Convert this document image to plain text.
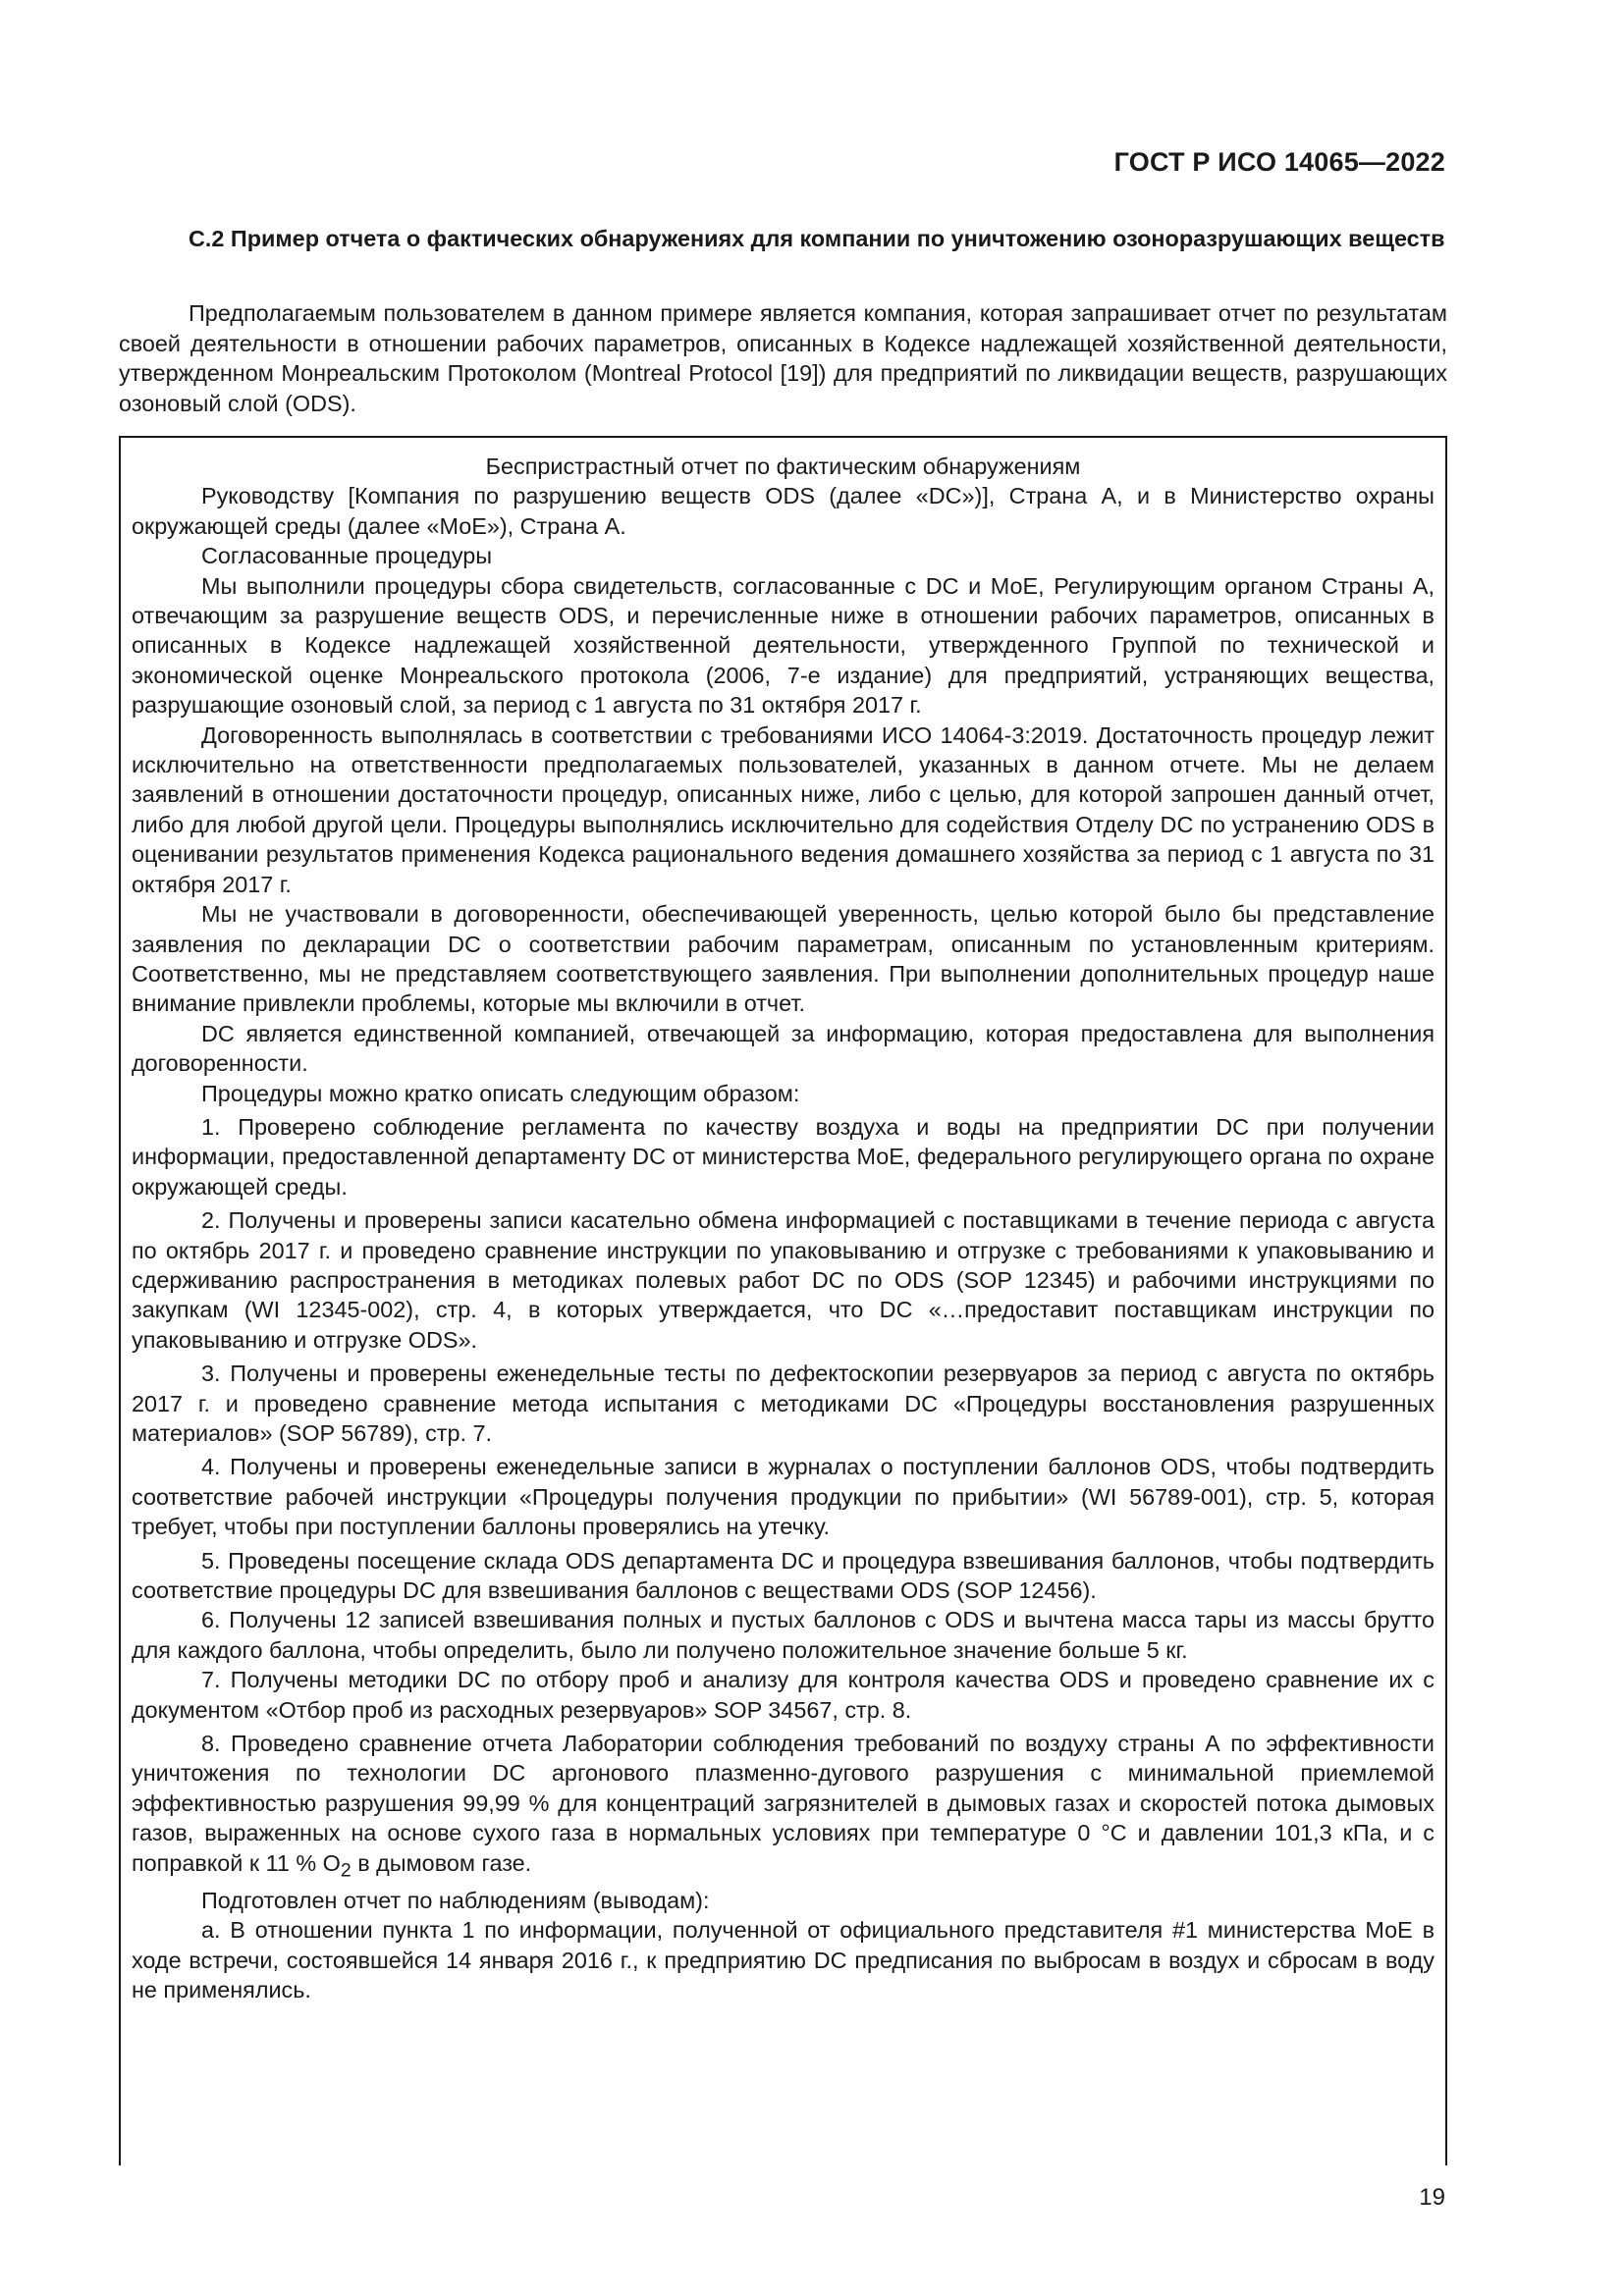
ГОСТ Р ИСО 14065—2022
С.2 Пример отчета о фактических обнаружениях для компании по уничтожению озоноразрушающих веществ

Предполагаемым пользователем в данном примере является компания, которая запрашивает отчет по результатам своей деятельности в отношении рабочих параметров, описанных в Кодексе надлежащей хозяйственной деятельности, утвержденном Монреальским Протоколом (Montreal Protocol [19]) для предприятий по ликвидации веществ, разрушающих озоновый слой (ODS).

Беспристрастный отчет по фактическим обнаружениям

Руководству [Компания по разрушению веществ ODS (далее «DC»)], Страна А, и в Министерство охраны окружающей среды (далее «МоЕ»), Страна А.

Согласованные процедуры

Мы выполнили процедуры сбора свидетельств, согласованные с DC и МоЕ, Регулирующим органом Страны А, отвечающим за разрушение веществ ODS, и перечисленные ниже в отношении рабочих параметров, описанных в описанных в Кодексе надлежащей хозяйственной деятельности, утвержденного Группой по технической и экономической оценке Монреальского протокола (2006, 7-е издание) для предприятий, устраняющих вещества, разрушающие озоновый слой, за период с 1 августа по 31 октября 2017 г.

Договоренность выполнялась в соответствии с требованиями ИСО 14064-3:2019. Достаточность процедур лежит исключительно на ответственности предполагаемых пользователей, указанных в данном отчете. Мы не делаем заявлений в отношении достаточности процедур, описанных ниже, либо с целью, для которой запрошен данный отчет, либо для любой другой цели. Процедуры выполнялись исключительно для содействия Отделу DC по устранению ODS в оценивании результатов применения Кодекса рационального ведения домашнего хозяйства за период с 1 августа по 31 октября 2017 г.

Мы не участвовали в договоренности, обеспечивающей уверенность, целью которой было бы представление заявления по декларации DC о соответствии рабочим параметрам, описанным по установленным критериям. Соответственно, мы не представляем соответствующего заявления. При выполнении дополнительных процедур наше внимание привлекли проблемы, которые мы включили в отчет.

DC является единственной компанией, отвечающей за информацию, которая предоставлена для выполнения договоренности.

Процедуры можно кратко описать следующим образом:

1. Проверено соблюдение регламента по качеству воздуха и воды на предприятии DC при получении информации, предоставленной департаменту DC от министерства МоЕ, федерального регулирующего органа по охране окружающей среды.

2. Получены и проверены записи касательно обмена информацией с поставщиками в течение периода с августа по октябрь 2017 г. и проведено сравнение инструкции по упаковыванию и отгрузке с требованиями к упаковыванию и сдерживанию распространения в методиках полевых работ DC по ODS (SOP 12345) и рабочими инструкциями по закупкам (WI 12345-002), стр. 4, в которых утверждается, что DC «…предоставит поставщикам инструкции по упаковыванию и отгрузке ODS».

3. Получены и проверены еженедельные тесты по дефектоскопии резервуаров за период с августа по октябрь 2017 г. и проведено сравнение метода испытания с методиками DC «Процедуры восстановления разрушенных материалов» (SOP 56789), стр. 7.

4. Получены и проверены еженедельные записи в журналах о поступлении баллонов ODS, чтобы подтвердить соответствие рабочей инструкции «Процедуры получения продукции по прибытии» (WI 56789-001), стр. 5, которая требует, чтобы при поступлении баллоны проверялись на утечку.

5. Проведены посещение склада ODS департамента DC и процедура взвешивания баллонов, чтобы подтвердить соответствие процедуры DC для взвешивания баллонов с веществами ODS (SOP 12456).

6. Получены 12 записей взвешивания полных и пустых баллонов с ODS и вычтена масса тары из массы брутто для каждого баллона, чтобы определить, было ли получено положительное значение больше 5 кг.

7. Получены методики DC по отбору проб и анализу для контроля качества ODS и проведено сравнение их с документом «Отбор проб из расходных резервуаров» SOP 34567, стр. 8.

8. Проведено сравнение отчета Лаборатории соблюдения требований по воздуху страны А по эффективности уничтожения по технологии DC аргонового плазменно-дугового разрушения с минимальной приемлемой эффективностью разрушения 99,99 % для концентраций загрязнителей в дымовых газах и скоростей потока дымовых газов, выраженных на основе сухого газа в нормальных условиях при температуре 0 °С и давлении 101,3 кПа, и с поправкой к 11 % $O_2$ в дымовом газе.

Подготовлен отчет по наблюдениям (выводам):

а. В отношении пункта 1 по информации, полученной от официального представителя #1 министерства МоЕ в ходе встречи, состоявшейся 14 января 2016 г., к предприятию DC предписания по выбросам в воздух и сбросам в воду не применялись.

19
